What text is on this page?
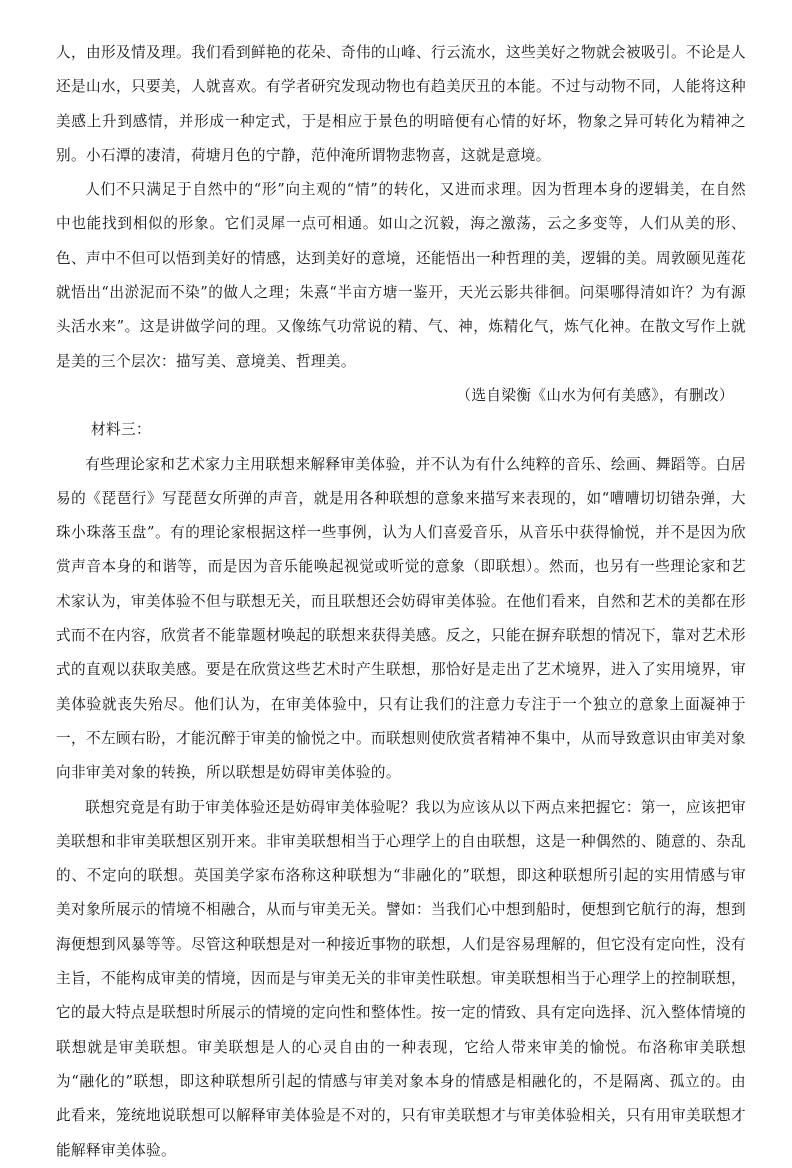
人，由形及情及理。我们看到鲜艳的花朵、奇伟的山峰、行云流水，这些美好之物就会被吸引。不论是人还是山水，只要美，人就喜欢。有学者研究发现动物也有趋美厌丑的本能。不过与动物不同，人能将这种美感上升到感情，并形成一种定式，于是相应于景色的明暗便有心情的好坏，物象之异可转化为精神之别。小石潭的凄清，荷塘月色的宁静，范仲淹所谓物悲物喜，这就是意境。

人们不只满足于自然中的“形”向主观的“情”的转化，又进而求理。因为哲理本身的逻辑美，在自然中也能找到相似的形象。它们灵犀一点可相通。如山之沉毅，海之激荡，云之多变等，人们从美的形、色、声中不但可以悟到美好的情感，达到美好的意境，还能悟出一种哲理的美，逻辑的美。周敦颐见莲花就悟出“出淤泥而不染”的做人之理；朱熹“半亩方塘一鉴开，天光云影共徘徊。问渠哪得清如许？为有源头活水来”。这是讲做学问的理。又像练气功常说的精、气、神，炼精化气，炼气化神。在散文写作上就是美的三个层次：描写美、意境美、哲理美。

（选自梁衡《山水为何有美感》，有删改）

材料三：

有些理论家和艺术家力主用联想来解释审美体验，并不认为有什么纯粹的音乐、绘画、舞蹈等。白居易的《琵琶行》写琵琶女所弹的声音，就是用各种联想的意象来描写来表现的，如“嘈嘈切切错杂弹，大珠小珠落玉盘”。有的理论家根据这样一些事例，认为人们喜爱音乐，从音乐中获得愉悦，并不是因为欣赏声音本身的和谐等，而是因为音乐能唤起视觉或听觉的意象（即联想）。然而，也另有一些理论家和艺术家认为，审美体验不但与联想无关，而且联想还会妨碍审美体验。在他们看来，自然和艺术的美都在形式而不在内容，欣赏者不能靠题材唤起的联想来获得美感。反之，只能在摒弃联想的情况下，靠对艺术形式的直观以获取美感。要是在欣赏这些艺术时产生联想，那恰好是走出了艺术境界，进入了实用境界，审美体验就丧失殆尽。他们认为，在审美体验中，只有让我们的注意力专注于一个独立的意象上面凝神于一，不左顾右盼，才能沉醉于审美的愉悦之中。而联想则使欣赏者精神不集中，从而导致意识由审美对象向非审美对象的转换，所以联想是妨碍审美体验的。

联想究竟是有助于审美体验还是妨碍审美体验呢？我以为应该从以下两点来把握它：第一，应该把审美联想和非审美联想区别开来。非审美联想相当于心理学上的自由联想，这是一种偶然的、随意的、杂乱的、不定向的联想。英国美学家布洛称这种联想为“非融化的”联想，即这种联想所引起的实用情感与审美对象所展示的情境不相融合，从而与审美无关。譬如：当我们心中想到船时，便想到它航行的海，想到海便想到风暴等等。尽管这种联想是对一种接近事物的联想，人们是容易理解的，但它没有定向性，没有主旨，不能构成审美的情境，因而是与审美无关的非审美性联想。审美联想相当于心理学上的控制联想，它的最大特点是联想时所展示的情境的定向性和整体性。按一定的情致、具有定向选择、沉入整体情境的联想就是审美联想。审美联想是人的心灵自由的一种表现，它给人带来审美的愉悦。布洛称审美联想为“融化的”联想，即这种联想所引起的情感与审美对象本身的情感是相融化的，不是隔离、孤立的。由此看来，笼统地说联想可以解释审美体验是不对的，只有审美联想才与审美体验相关，只有用审美联想才能解释审美体验。
